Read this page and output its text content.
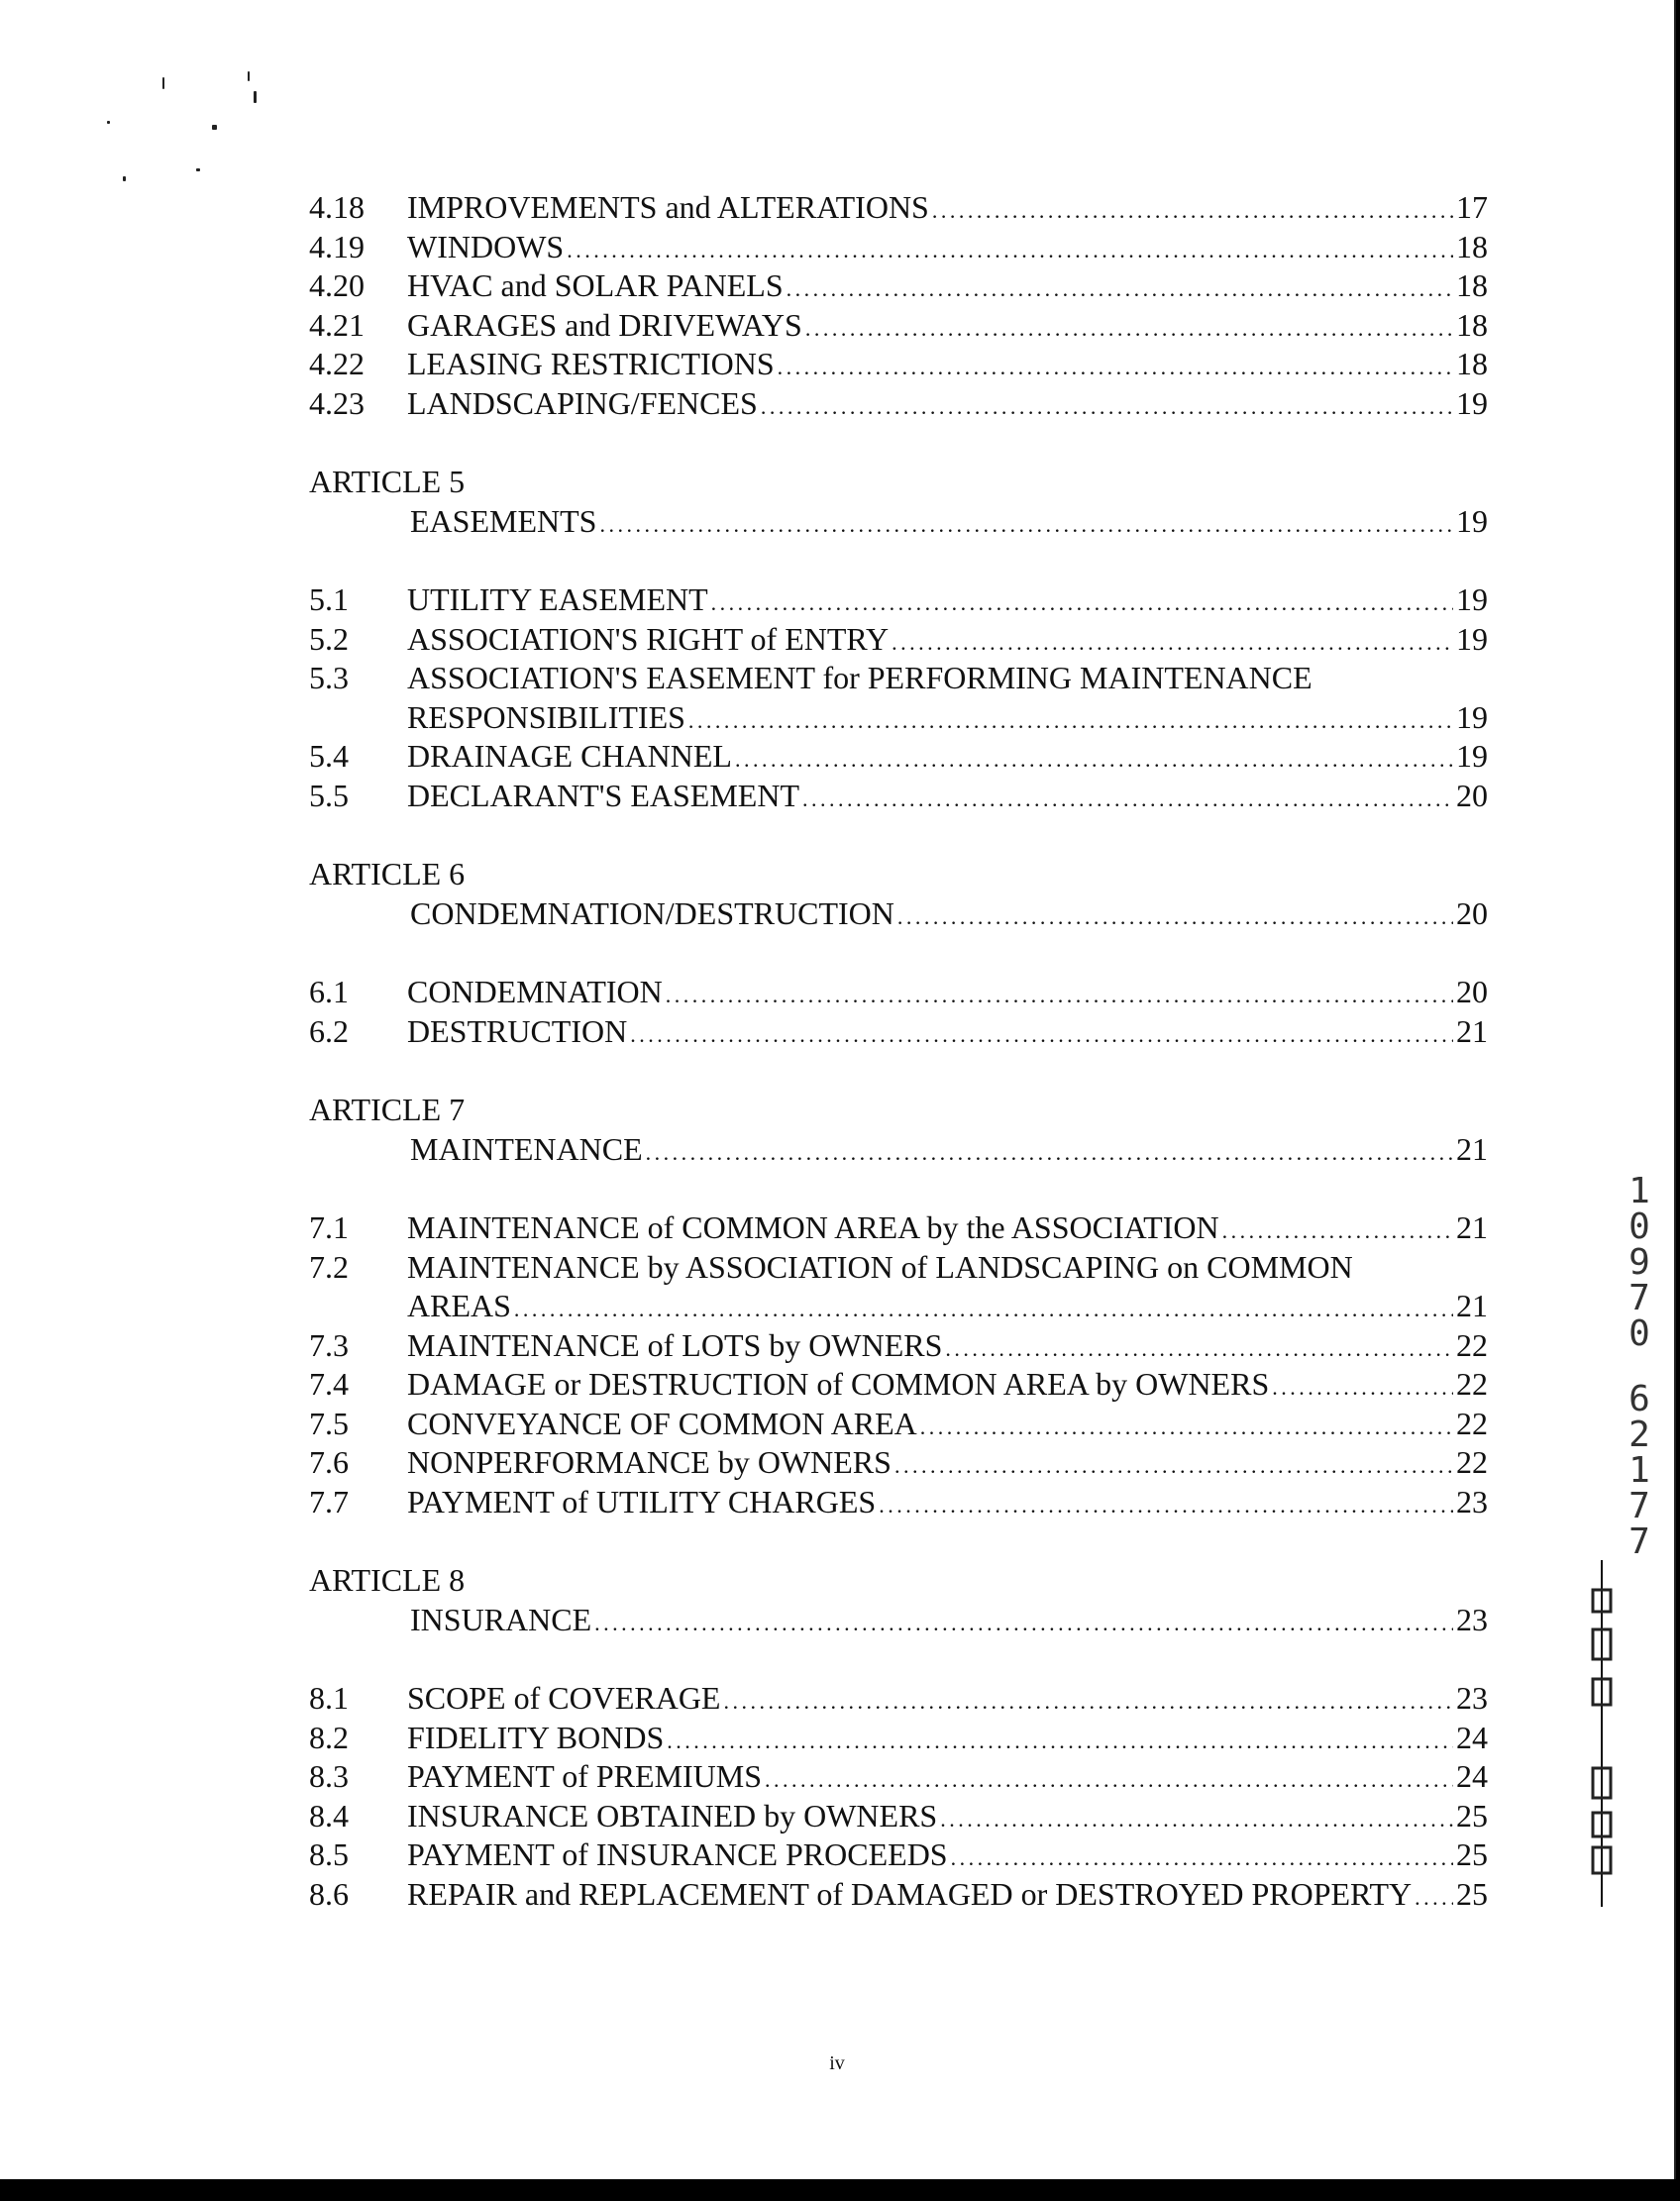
4.18	IMPROVEMENTS and ALTERATIONS . . .	17
4.19	WINDOWS . . .	18
4.20	HVAC and SOLAR PANELS . . .	18
4.21	GARAGES and DRIVEWAYS . . .	18
4.22	LEASING RESTRICTIONS . . .	18
4.23	LANDSCAPING/FENCES . . .	19
ARTICLE 5
EASEMENTS . . .	19
5.1	UTILITY EASEMENT . . .	19
5.2	ASSOCIATION'S RIGHT of ENTRY . . .	19
5.3	ASSOCIATION'S EASEMENT for PERFORMING MAINTENANCE
RESPONSIBILITIES . . .	19
5.4	DRAINAGE CHANNEL . . .	19
5.5	DECLARANT'S EASEMENT . . .	20
ARTICLE 6
CONDEMNATION/DESTRUCTION . . .	20
6.1	CONDEMNATION . . .	20
6.2	DESTRUCTION . . .	21
ARTICLE 7
MAINTENANCE . . .	21
7.1	MAINTENANCE of COMMON AREA by the ASSOCIATION . . .	21
7.2	MAINTENANCE by ASSOCIATION of LANDSCAPING on COMMON
AREAS . . .	21
7.3	MAINTENANCE of LOTS by OWNERS . . .	22
7.4	DAMAGE or DESTRUCTION of COMMON AREA by OWNERS . . .	22
7.5	CONVEYANCE OF COMMON AREA . . .	22
7.6	NONPERFORMANCE by OWNERS . . .	22
7.7	PAYMENT of UTILITY CHARGES . . .	23
ARTICLE 8
INSURANCE . . .	23
8.1	SCOPE of COVERAGE . . .	23
8.2	FIDELITY BONDS . . .	24
8.3	PAYMENT of PREMIUMS . . .	24
8.4	INSURANCE OBTAINED by OWNERS . . .	25
8.5	PAYMENT of INSURANCE PROCEEDS . . .	25
8.6	REPAIR and REPLACEMENT of DAMAGED or DESTROYED PROPERTY . . . 25
1
0
9
7
0
6
2
1
7
7
iv
